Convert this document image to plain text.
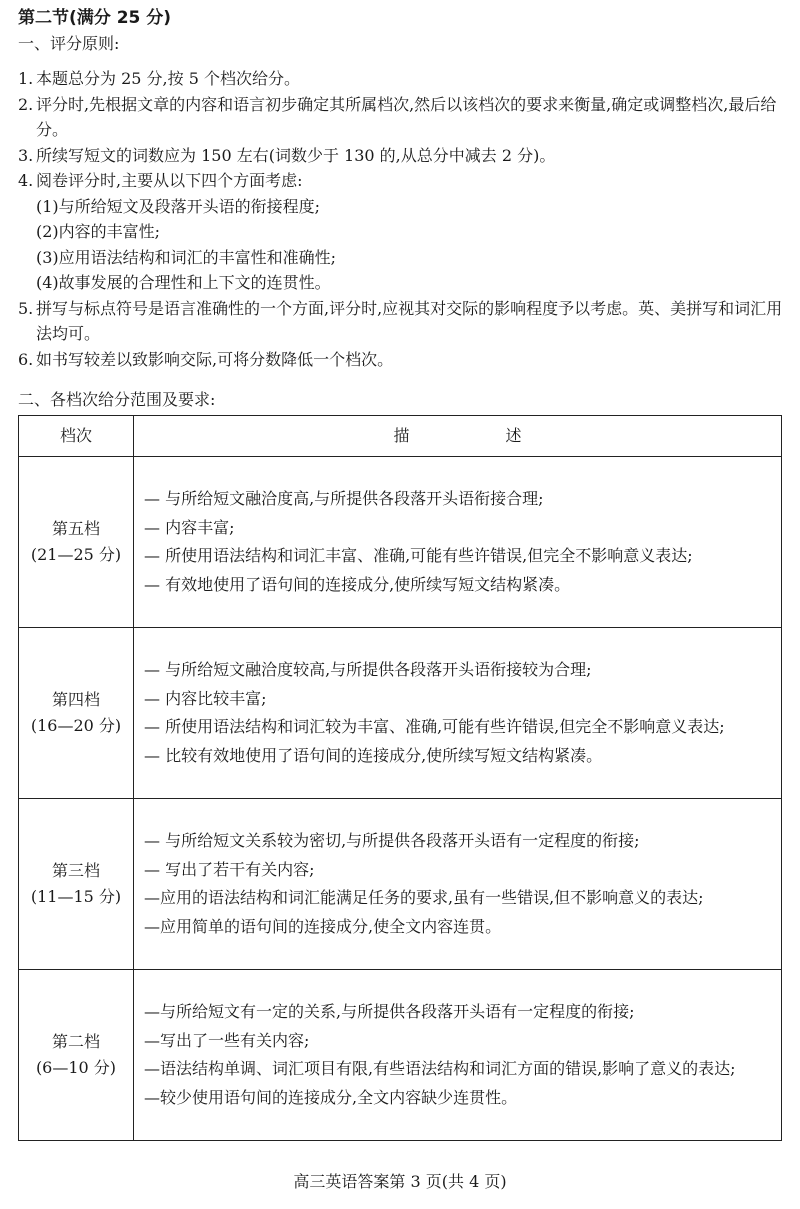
第二节(满分 25 分)
一、评分原则:

1. 本题总分为 25 分,按 5 个档次给分。

2. 评分时,先根据文章的内容和语言初步确定其所属档次,然后以该档次的要求来衡量,确定或调整档次,最后给分。

3. 所续写短文的词数应为 150 左右(词数少于 130 的,从总分中减去 2 分)。

4. 阅卷评分时,主要从以下四个方面考虑:

(1)与所给短文及段落开头语的衔接程度;
(2)内容的丰富性;
(3)应用语法结构和词汇的丰富性和准确性;
(4)故事发展的合理性和上下文的连贯性。

5. 拼写与标点符号是语言准确性的一个方面,评分时,应视其对交际的影响程度予以考虑。英、美拼写和词汇用法均可。

6. 如书写较差以致影响交际,可将分数降低一个档次。

二、各档次给分范围及要求:
档次	描	述
第五档
(21—25 分)

— 与所给短文融洽度高,与所提供各段落开头语衔接合理;

— 内容丰富;

— 所使用语法结构和词汇丰富、准确,可能有些许错误,但完全不影响意义表达;

— 有效地使用了语句间的连接成分,使所续写短文结构紧凑。

第四档
(16—20 分)

— 与所给短文融洽度较高,与所提供各段落开头语衔接较为合理;

— 内容比较丰富;

— 所使用语法结构和词汇较为丰富、准确,可能有些许错误,但完全不影响意义表达;

— 比较有效地使用了语句间的连接成分,使所续写短文结构紧凑。

第三档
(11—15 分)

— 与所给短文关系较为密切,与所提供各段落开头语有一定程度的衔接;

— 写出了若干有关内容;

—应用的语法结构和词汇能满足任务的要求,虽有一些错误,但不影响意义的表达;

—应用简单的语句间的连接成分,使全文内容连贯。

第二档
(6—10 分)

—与所给短文有一定的关系,与所提供各段落开头语有一定程度的衔接;

—写出了一些有关内容;

—语法结构单调、词汇项目有限,有些语法结构和词汇方面的错误,影响了意义的表达;

—较少使用语句间的连接成分,全文内容缺少连贯性。

高三英语答案第 3 页(共 4 页)
